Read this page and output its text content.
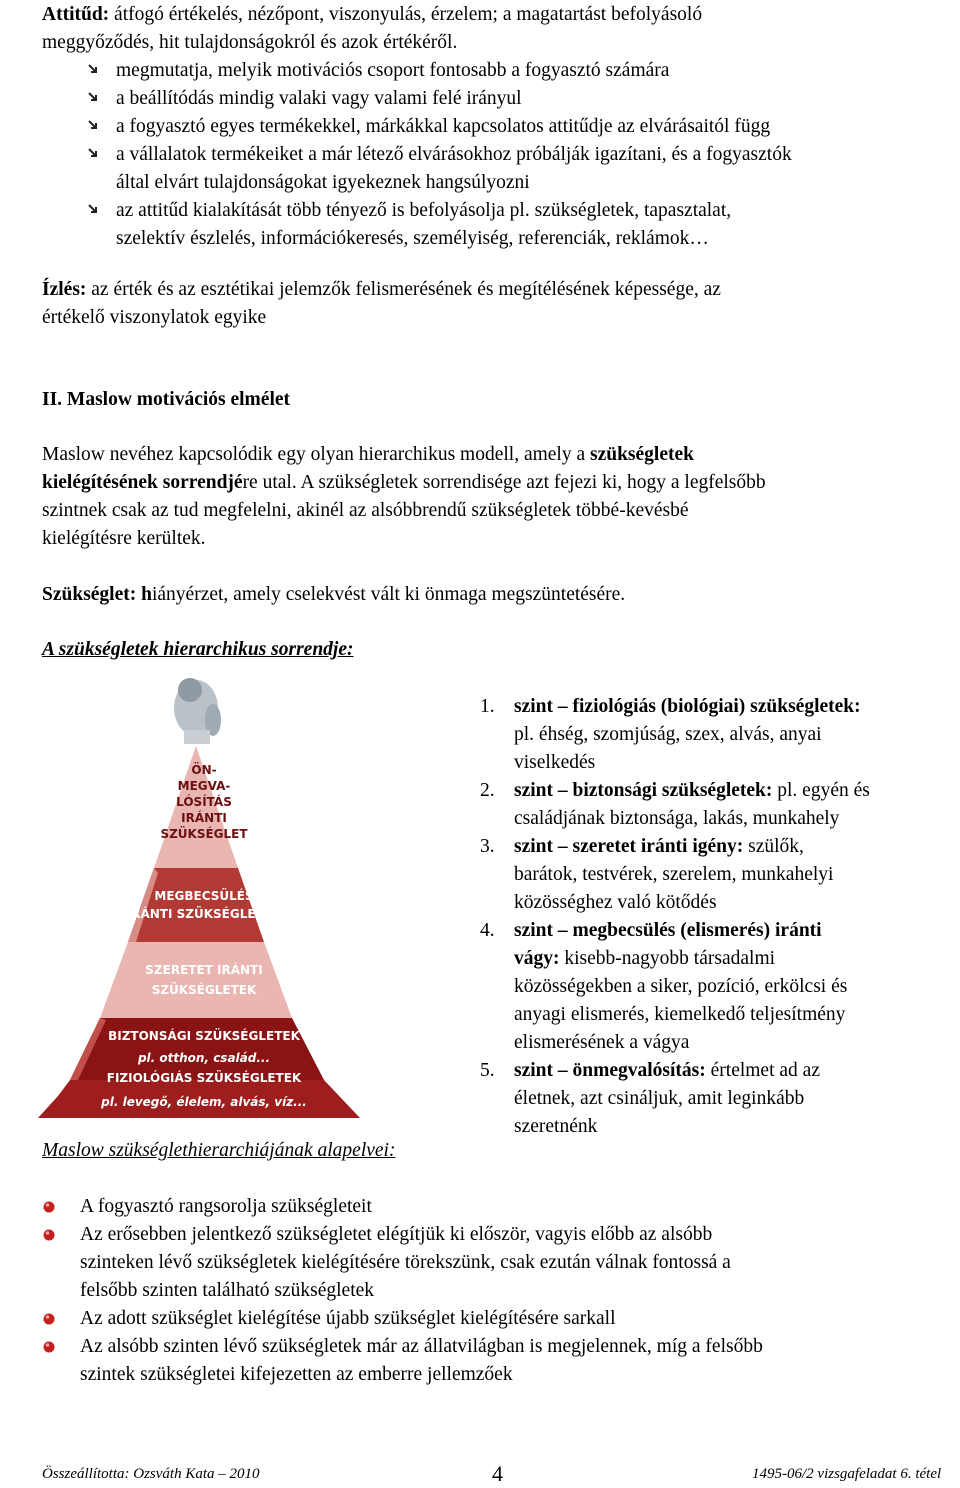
Attitűd: átfogó értékelés, nézőpont, viszonyulás, érzelem; a magatartást befolyásoló
meggyőződés, hit tulajdonságokról és azok értékéről.
megmutatja, melyik motivációs csoport fontosabb a fogyasztó számára
a beállítódás mindig valaki vagy valami felé irányul
a fogyasztó egyes termékekkel, márkákkal kapcsolatos attitűdje az elvárásaitól függ
a vállalatok termékeiket a már létező elvárásokhoz próbálják igazítani, és a fogyasztók
által elvárt tulajdonságokat igyekeznek hangsúlyozni
az attitűd kialakítását több tényező is befolyásolja pl. szükségletek, tapasztalat,
szelektív észlelés, információkeresés, személyiség, referenciák, reklámok…
Ízlés: az érték és az esztétikai jelemzők felismerésének és megítélésének képessége, az
értékelő viszonylatok egyike
II. Maslow motivációs elmélet
Maslow nevéhez kapcsolódik egy olyan hierarchikus modell, amely a szükségletek
kielégítésének sorrendjére utal. A szükségletek sorrendisége azt fejezi ki, hogy a legfelsőbb
szintnek csak az tud megfelelni, akinél az alsóbbrendű szükségletek többé-kevésbé
kielégítésre kerültek.
Szükséglet: hiányérzet, amely cselekvést vált ki önmaga megszüntetésére.
A szükségletek hierarchikus sorrendje:
ÖN-
MEGVA-
LÓSÍTÁS
IRÁNTI
SZÜKSÉGLET
MEGBECSÜLÉS
IRÁNTI SZÜKSÉGLETEK
SZERETET IRÁNTI
SZÜKSÉGLETEK
BIZTONSÁGI SZÜKSÉGLETEK
pl. otthon, család...
FIZIOLÓGIÁS SZÜKSÉGLETEK
pl. levegő, élelem, alvás, víz...
1. szint – fiziológiás (biológiai) szükségletek:
pl. éhség, szomjúság, szex, alvás, anyai
viselkedés
2. szint – biztonsági szükségletek: pl. egyén és
családjának biztonsága, lakás, munkahely
3. szint – szeretet iránti igény: szülők,
barátok, testvérek, szerelem, munkahelyi
közösséghez való kötődés
4. szint – megbecsülés (elismerés) iránti
vágy: kisebb-nagyobb társadalmi
közösségekben a siker, pozíció, erkölcsi és
anyagi elismerés, kiemelkedő teljesítmény
elismerésének a vágya
5. szint – önmegvalósítás: értelmet ad az
életnek, azt csináljuk, amit leginkább
szeretnénk
Maslow szükséglethierarchiájának alapelvei:
A fogyasztó rangsorolja szükségleteit
Az erősebben jelentkező szükségletet elégítjük ki először, vagyis előbb az alsóbb
szinteken lévő szükségletek kielégítésére törekszünk, csak ezután válnak fontossá a
felsőbb szinten található szükségletek
Az adott szükséglet kielégítése újabb szükséglet kielégítésére sarkall
Az alsóbb szinten lévő szükségletek már az állatvilágban is megjelennek, míg a felsőbb
szintek szükségletei kifejezetten az emberre jellemzőek
Összeállította: Ozsváth Kata – 2010	4	1495-06/2 vizsgafeladat 6. tétel
